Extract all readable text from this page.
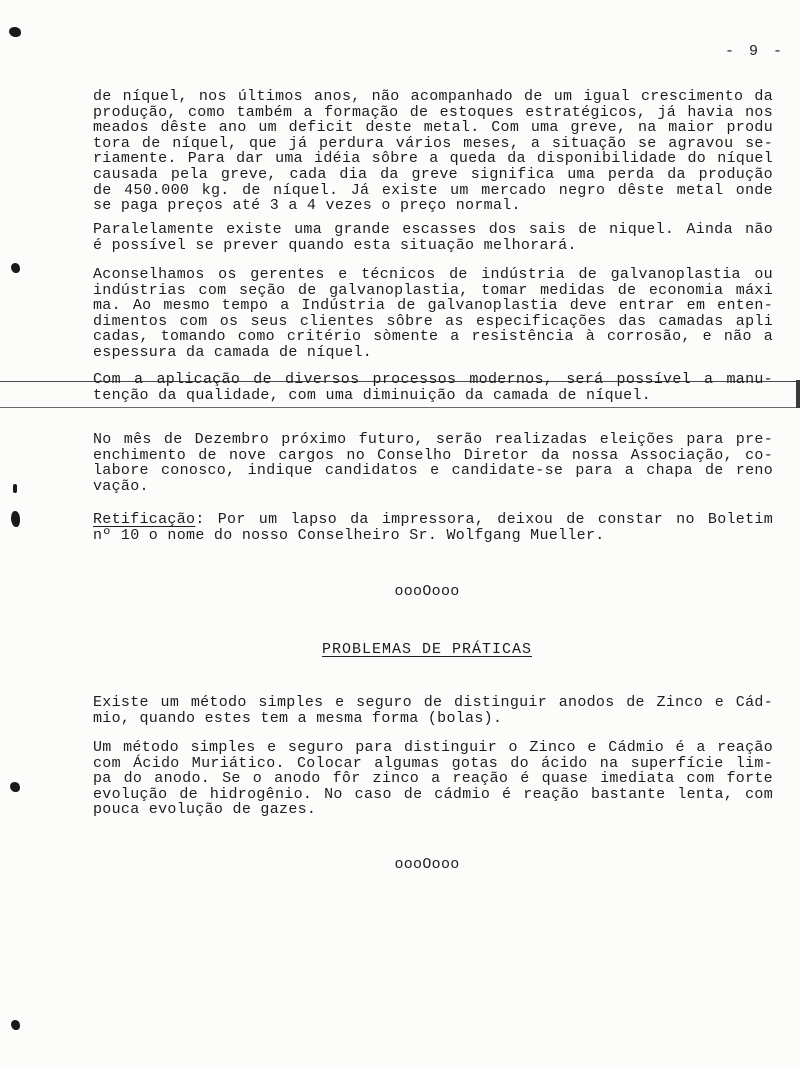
- 9 -
de níquel, nos últimos anos, não acompanhado de um igual crescimento da
produção, como também a formação de estoques estratégicos, já havia nos
meados dêste ano um deficit deste metal. Com uma greve, na maior produ
tora de níquel, que já perdura vários meses, a situação se agravou se-
riamente. Para dar uma idéia sôbre a queda da disponibilidade do níquel
causada pela greve, cada dia da greve significa uma perda da produção
de 450.000 kg. de níquel. Já existe um mercado negro dêste metal onde
se paga preços até 3 a 4 vezes o preço normal.
Paralelamente existe uma grande escasses dos sais de niquel. Ainda não
é possível se prever quando esta situação melhorará.
Aconselhamos os gerentes e técnicos de indústria de galvanoplastia ou
indústrias com seção de galvanoplastia, tomar medidas de economia máxi
ma. Ao mesmo tempo a Indústria de galvanoplastia deve entrar em enten-
dimentos com os seus clientes sôbre as especificações das camadas apli
cadas, tomando como critério sòmente a resistência à corrosão, e não a
espessura da camada de níquel.
Com a aplicação de diversos processos modernos, será possível a manu-
tenção da qualidade, com uma diminuição da camada de níquel.
No mês de Dezembro próximo futuro, serão realizadas eleições para pre-
enchimento de nove cargos no Conselho Diretor da nossa Associação, co-
labore conosco, indique candidatos e candidate-se para a chapa de reno
vação.
Retificação: Por um lapso da impressora, deixou de constar no Boletim
nº 10 o nome do nosso Conselheiro Sr. Wolfgang Mueller.
oooOooo
PROBLEMAS DE PRÁTICAS
Existe um método simples e seguro de distinguir anodos de Zinco e Cád-
mio, quando estes tem a mesma forma (bolas).
Um método simples e seguro para distinguir o Zinco e Cádmio é a reação
com Ácido Muriático. Colocar algumas gotas do ácido na superfície lim-
pa do anodo. Se o anodo fôr zinco a reação é quase imediata com forte
evolução de hidrogênio. No caso de cádmio é reação bastante lenta, com
pouca evolução de gazes.
oooOooo
